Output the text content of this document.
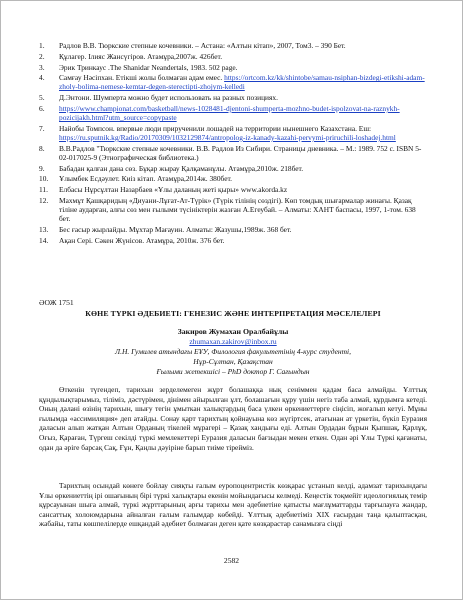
1. Радлов В.В. Тюркские степные кочевники. – Астана: «Алтын кітап», 2007, Том3. – 390 Бет.
2. Құлагер. Ілияс Жансүгіров. Атамұра,2007ж. 426бет.
3. Эрик Тринкаус .The Shanidar Neandertals, 1983. 502 page.
4. Самғау Нәсіпхан. Етікші жолы болмаған адам емес. https://ortcom.kz/kk/shintobe/samau-nsiphan-bizdegi-etikshi-adam-zholy-bolima-nemese-kemtar-degen-sterectipti-zhojym-kelledi
5. Д.Энтони. Шумперта можно будет использовать на разных позициях.
6. https://www.championat.com/basketball/news-1028481-djentoni-shumperta-mozhno-budet-ispolzovat-na-raznykh-pozicijakh.html?utm_source=copypaste
7. Найобы Томпсон. впервые люди прирученили лошадей на территории нынешнего Казахстана. Еш: https://ru.sputnik.kg/Radio/20170309/1032129874/antropolog-iz-kanady-kazahi-pervymi-priruchili-loshadej.html
8. В.В.Радлов "Тюркские степные кочевники. В.В. Радлов Из Сибири. Страницы дневника. – М.: 1989. 752 с. ISBN 5-02-017025-9 (Этнографическая библиотека.)
9. Бабадан қалған дана сөз. Бұқар жырау Қалқаманұлы. Атамұра,2010ж. 218бет.
10. Ұлымбек Есдәулет. Киіз кітап. Атамұра,2014ж. 380бет.
11. Елбасы Нұрсұлтан Назарбаев «Ұлы даланың жеті қыры» www.akorda.kz
12. Махмұт Қашқаридың «Диуани-Лұғат-Ат-Түрік» (Түрік тілінің сөздігі). Көп томдық шығармалар жинағы. Қазақ тіліне аударған, алғы сөз мен ғылыми түсініктерін жазған А.Егеубай. – Алматы: ХАНТ баспасы, 1997, 1-том. 638 бет.
13. Бес ғасыр жырлайды. Мұхтар Мағауин. Алматы: Жазушы,1989ж. 368 бет.
14. Ақан Сері. Сәкен Жүнісов. Атамұра, 2010ж. 376 бет.
ӘОЖ 1751
КӨНЕ ТҮРКІ ӘДЕБИЕТІ: ГЕНЕЗИС ЖӘНЕ ИНТЕРПРЕТАЦИЯ МӘСЕЛЕЛЕРІ
Закиров Жумахан Оралбайұлы
zhumaxan.zakirov@inbox.ru
Л.Н. Гумилев атындағы ЕҰУ, Филология факультетінің 4-курс студенті,
Нұр-Сұлтан, Қазақстан
Ғылыми жетекшісі – PhD доктор Г. Сағындын

Өткенін түгендеп, тарихын зерделемеген жұрт болашаққа нық сеніммен қадам баса алмайды. Ұлттық құндылықтарымыз, тіліміз, дәстүрімен, дінімен айырылған ұлт, болашағын құру үшін негіз таба алмай, құрдымға кетеді. Оның далані өзінің тарихын, шығу тегін ұмыткан халықтардың баса үлкен өркениеттерге сіңісіп, жоғалып кетуі. Мұны ғылымда «ассимиляция» деп атайды. Сонау қарт тарихтың қойнауына көз жүгіртсек, атағынан ат үркетін, бүкіл Еуразия даласын алып жатқан Алтын Орданың тікелей мұрагері – Қазақ хандығы еді. Алтын Ордадан бұрын Қыпшақ, Қарлұқ, Оғыз, Қараған, Түргеш секілді түркі мемлекеттері Еуразия даласын бағзыдан мекен еткен. Одан әрі Ұлы Түркі қағанаты, одан да әріге барсақ Сақ, Ғұн, Қаңлы дәуіріне барып тиіме тірейміз.

Тарихтың осындай көнеге бойлау сияқты ғалым еуропоцентристік көзқарас ұстанып келді, адамзат тарихындағы Ұлы өркениеттің ірі ошағының бірі түркі халықтары екенін мойындағысы келмеді. Кеңестік тоқмейіт идеологиялық темір құрсауынан шыға алмай, түркі жұрттарының арғы тарихы мен әдебиетіне қатысты мағлұматтарды тарғылауға жандар, сансаттық холоюмдарына айналған ғалым ғалымдар көбейді. Ұлттық әдебиетіміз XIX ғасырдан таңа қалыптасқан, жабайы, таты көшпелілерде ешқандай әдебиет болмаған деген қате көзқарастар санамызға сіңді

2582
